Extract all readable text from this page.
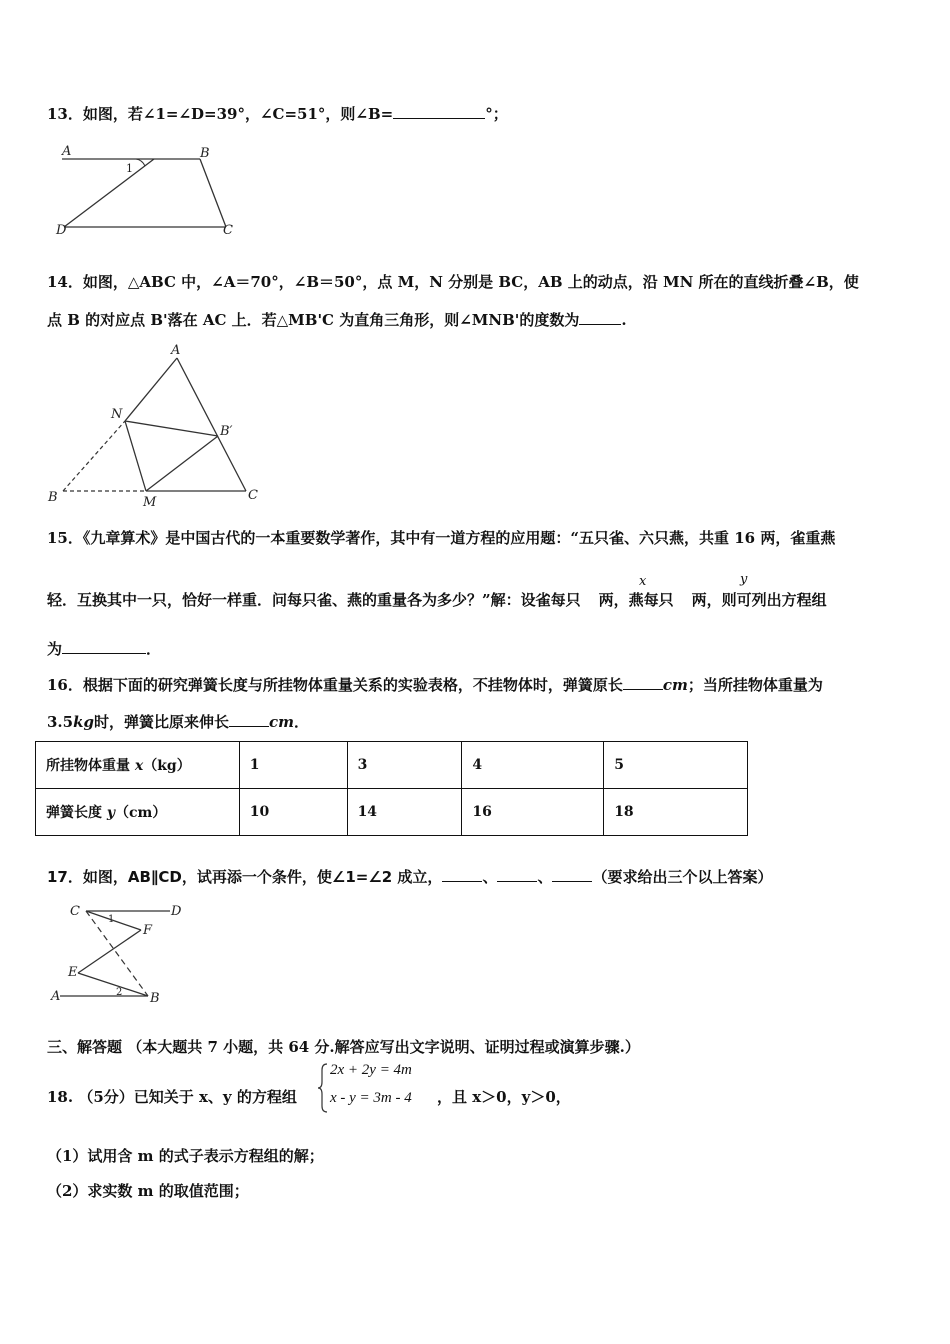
13．如图，若∠1=∠D=39°，∠C=51°，则∠B=	°；
A	B
C
D
1
14．如图，△ABC 中，∠A＝70°，∠B＝50°，点 M，N 分别是 BC，AB 上的动点，沿 MN 所在的直线折叠∠B，使
点 B 的对应点 B'落在 AC 上．若△MB'C 为直角三角形，则∠MNB'的度数为	.
A
N
B′
B	M	C
15．《九章算术》是中国古代的一本重要数学著作，其中有一道方程的应用题：“五只雀、六只燕，共重 16 两，雀重燕
轻．互换其中一只，恰好一样重．问每只雀、燕的重量各为多少？”解：设雀每只 两，燕每只 两，则可列出方程组
x	y
为	．
16．根据下面的研究弹簧长度与所挂物体重量关系的实验表格，不挂物体时，弹簧原长	cm；当所挂物体重量为
3.5kg时，弹簧比原来伸长	cm．
所挂物体重量 x（kg）	1	3	4	5
弹簧长度 y（cm）	10	14	16	18
17．如图，AB∥CD，试再添一个条件，使∠1=∠2 成立，	、	、	（要求给出三个以上答案）
C	D
F
E
A	B
1
2
三、解答题 （本大题共 7 小题，共 64 分.解答应写出文字说明、证明过程或演算步骤.）
18. （5分）已知关于 x、y 的方程组
2x + 2y = 4m
x - y = 3m - 4 ，且 x＞0，y＞0，
（1）试用含 m 的式子表示方程组的解；
（2）求实数 m 的取值范围；
